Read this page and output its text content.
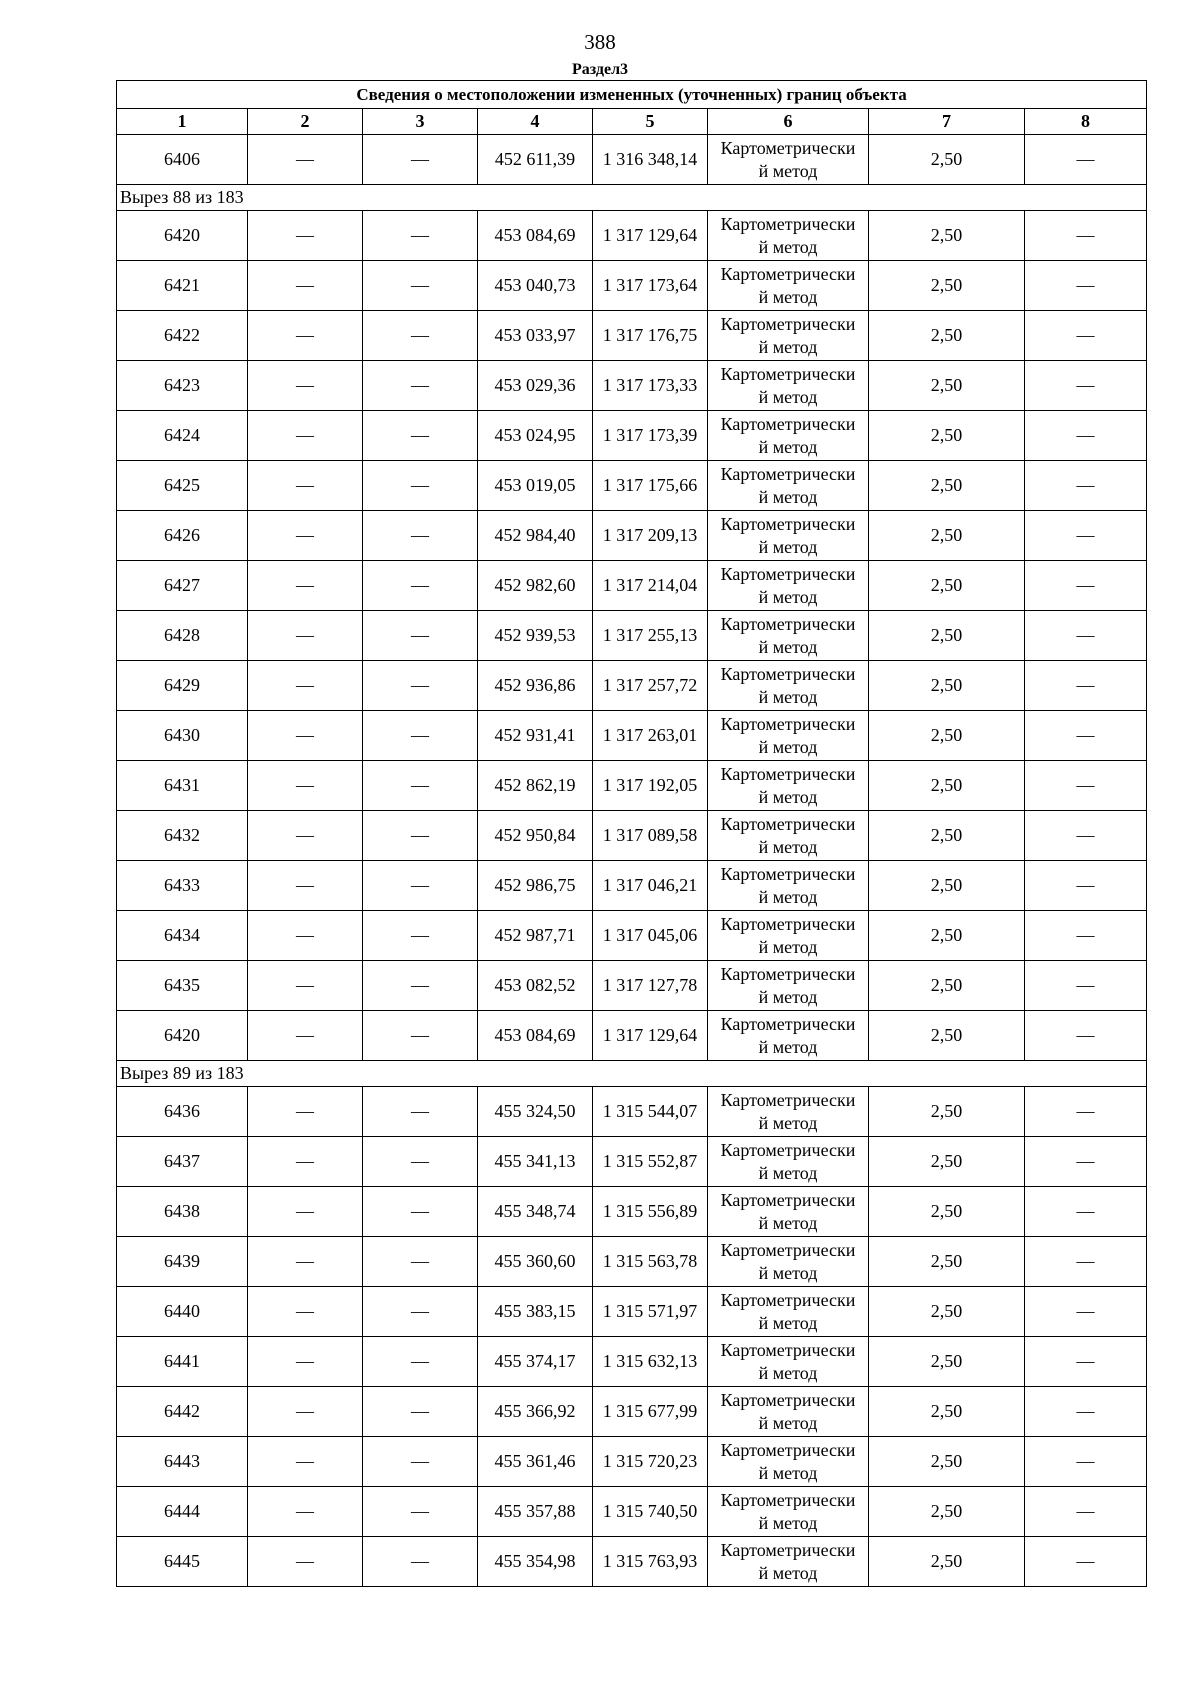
388
Раздел3
Сведения о местоположении измененных (уточненных) границ объекта							
1	2	3	4	5	6	7	8
6406	—	—	452 611,39	1 316 348,14	Картометрически
й метод	2,50	—
Вырез 88 из 183							
6420	—	—	453 084,69	1 317 129,64	Картометрически
й метод	2,50	—
6421	—	—	453 040,73	1 317 173,64	Картометрически
й метод	2,50	—
6422	—	—	453 033,97	1 317 176,75	Картометрически
й метод	2,50	—
6423	—	—	453 029,36	1 317 173,33	Картометрически
й метод	2,50	—
6424	—	—	453 024,95	1 317 173,39	Картометрически
й метод	2,50	—
6425	—	—	453 019,05	1 317 175,66	Картометрически
й метод	2,50	—
6426	—	—	452 984,40	1 317 209,13	Картометрически
й метод	2,50	—
6427	—	—	452 982,60	1 317 214,04	Картометрически
й метод	2,50	—
6428	—	—	452 939,53	1 317 255,13	Картометрически
й метод	2,50	—
6429	—	—	452 936,86	1 317 257,72	Картометрически
й метод	2,50	—
6430	—	—	452 931,41	1 317 263,01	Картометрически
й метод	2,50	—
6431	—	—	452 862,19	1 317 192,05	Картометрически
й метод	2,50	—
6432	—	—	452 950,84	1 317 089,58	Картометрически
й метод	2,50	—
6433	—	—	452 986,75	1 317 046,21	Картометрически
й метод	2,50	—
6434	—	—	452 987,71	1 317 045,06	Картометрически
й метод	2,50	—
6435	—	—	453 082,52	1 317 127,78	Картометрически
й метод	2,50	—
6420	—	—	453 084,69	1 317 129,64	Картометрически
й метод	2,50	—
Вырез 89 из 183							
6436	—	—	455 324,50	1 315 544,07	Картометрически
й метод	2,50	—
6437	—	—	455 341,13	1 315 552,87	Картометрически
й метод	2,50	—
6438	—	—	455 348,74	1 315 556,89	Картометрически
й метод	2,50	—
6439	—	—	455 360,60	1 315 563,78	Картометрически
й метод	2,50	—
6440	—	—	455 383,15	1 315 571,97	Картометрически
й метод	2,50	—
6441	—	—	455 374,17	1 315 632,13	Картометрически
й метод	2,50	—
6442	—	—	455 366,92	1 315 677,99	Картометрически
й метод	2,50	—
6443	—	—	455 361,46	1 315 720,23	Картометрически
й метод	2,50	—
6444	—	—	455 357,88	1 315 740,50	Картометрически
й метод	2,50	—
6445	—	—	455 354,98	1 315 763,93	Картометрически
й метод	2,50	—
